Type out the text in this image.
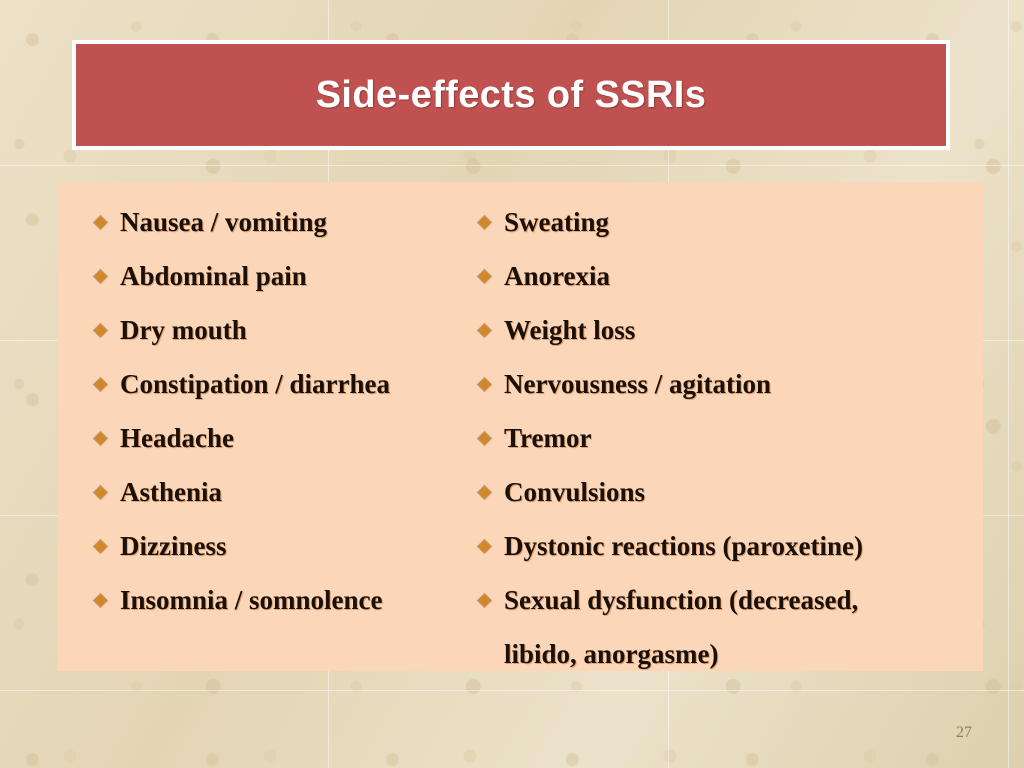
Side-effects of SSRIs
Nausea / vomiting
Abdominal pain
Dry mouth
Constipation / diarrhea
Headache
Asthenia
Dizziness
Insomnia / somnolence
Sweating
Anorexia
Weight loss
Nervousness / agitation
Tremor
Convulsions
Dystonic reactions (paroxetine)
Sexual dysfunction (decreased,
libido, anorgasme)
27
